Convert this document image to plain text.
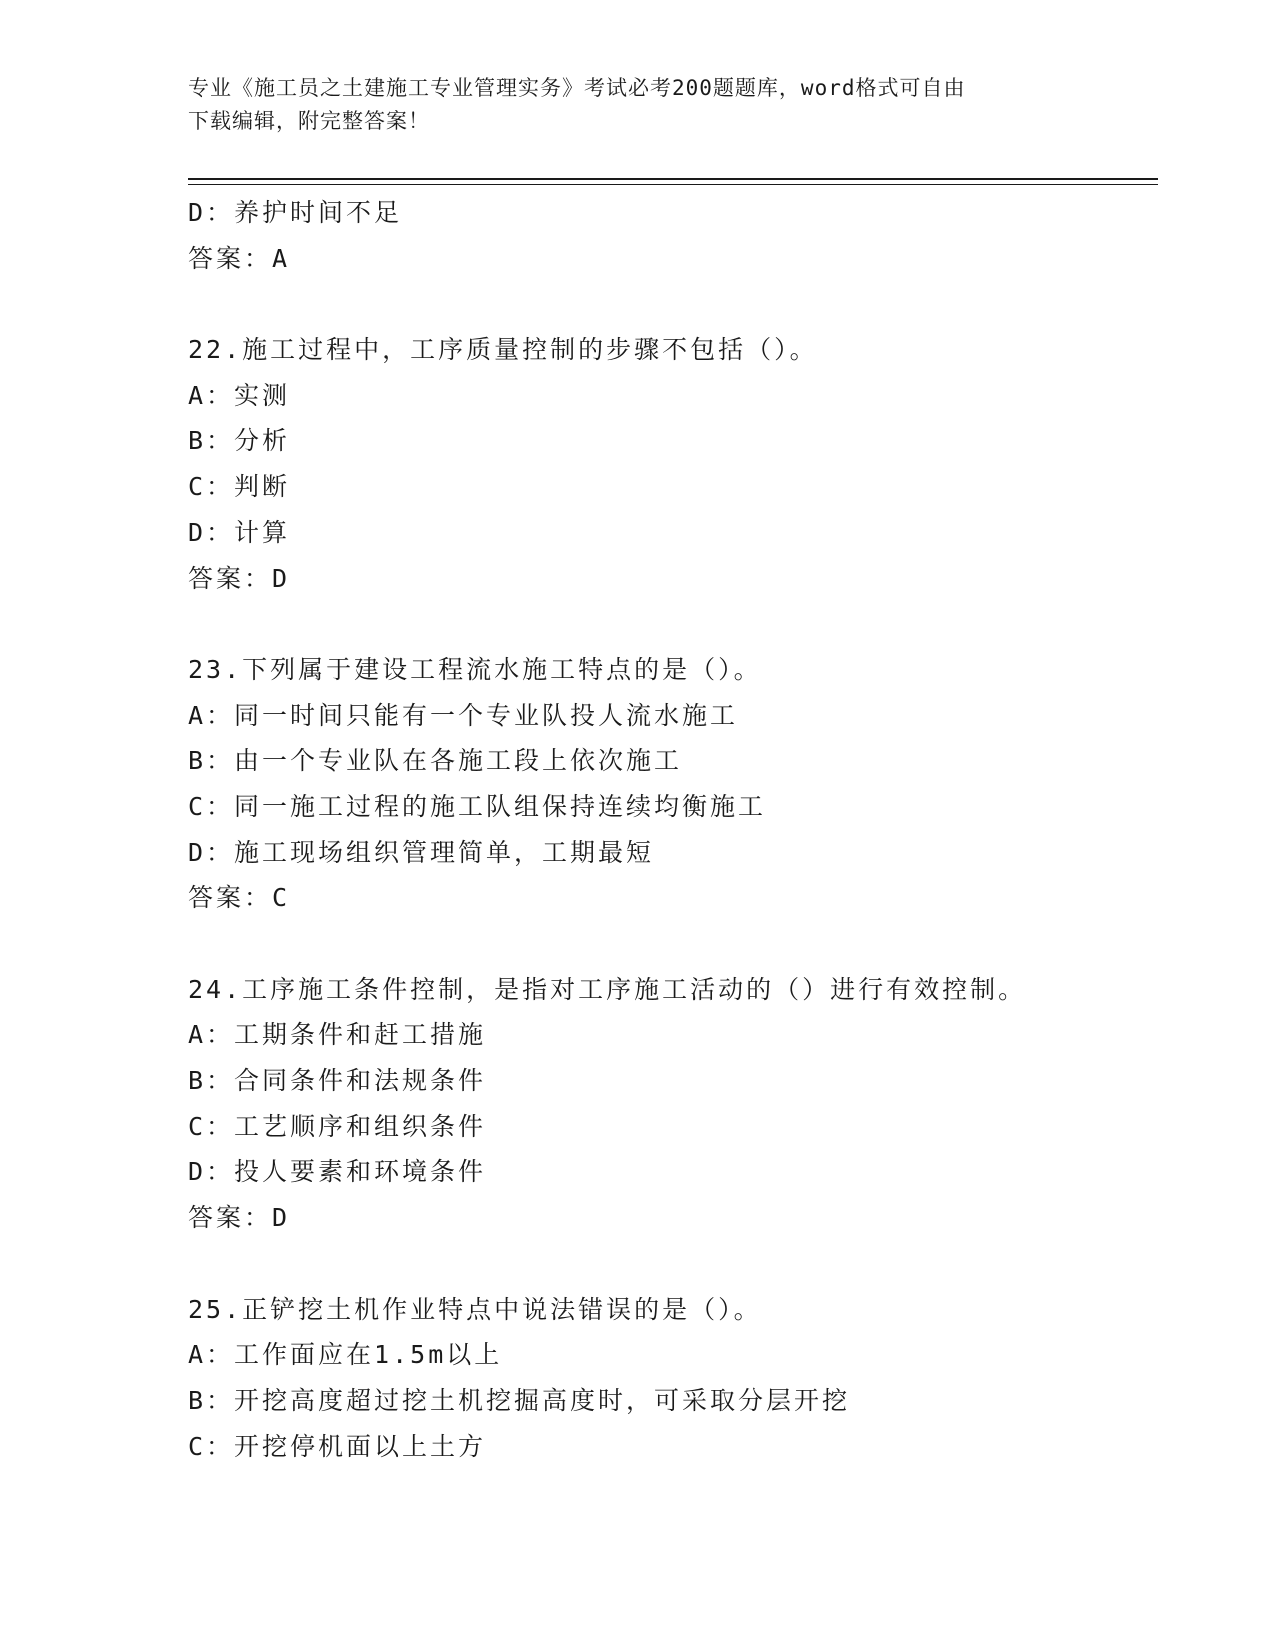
专业《施工员之土建施工专业管理实务》考试必考200题题库，word格式可自由
下载编辑，附完整答案！
D：养护时间不足
答案：A
22.施工过程中，工序质量控制的步骤不包括（）。
A：实测
B：分析
C：判断
D：计算
答案：D
23.下列属于建设工程流水施工特点的是（）。
A：同一时间只能有一个专业队投人流水施工
B：由一个专业队在各施工段上依次施工
C：同一施工过程的施工队组保持连续均衡施工
D：施工现场组织管理简单，工期最短
答案：C
24.工序施工条件控制，是指对工序施工活动的（）进行有效控制。
A：工期条件和赶工措施
B：合同条件和法规条件
C：工艺顺序和组织条件
D：投人要素和环境条件
答案：D
25.正铲挖土机作业特点中说法错误的是（）。
A：工作面应在1.5m以上
B：开挖高度超过挖土机挖掘高度时，可采取分层开挖
C：开挖停机面以上土方
